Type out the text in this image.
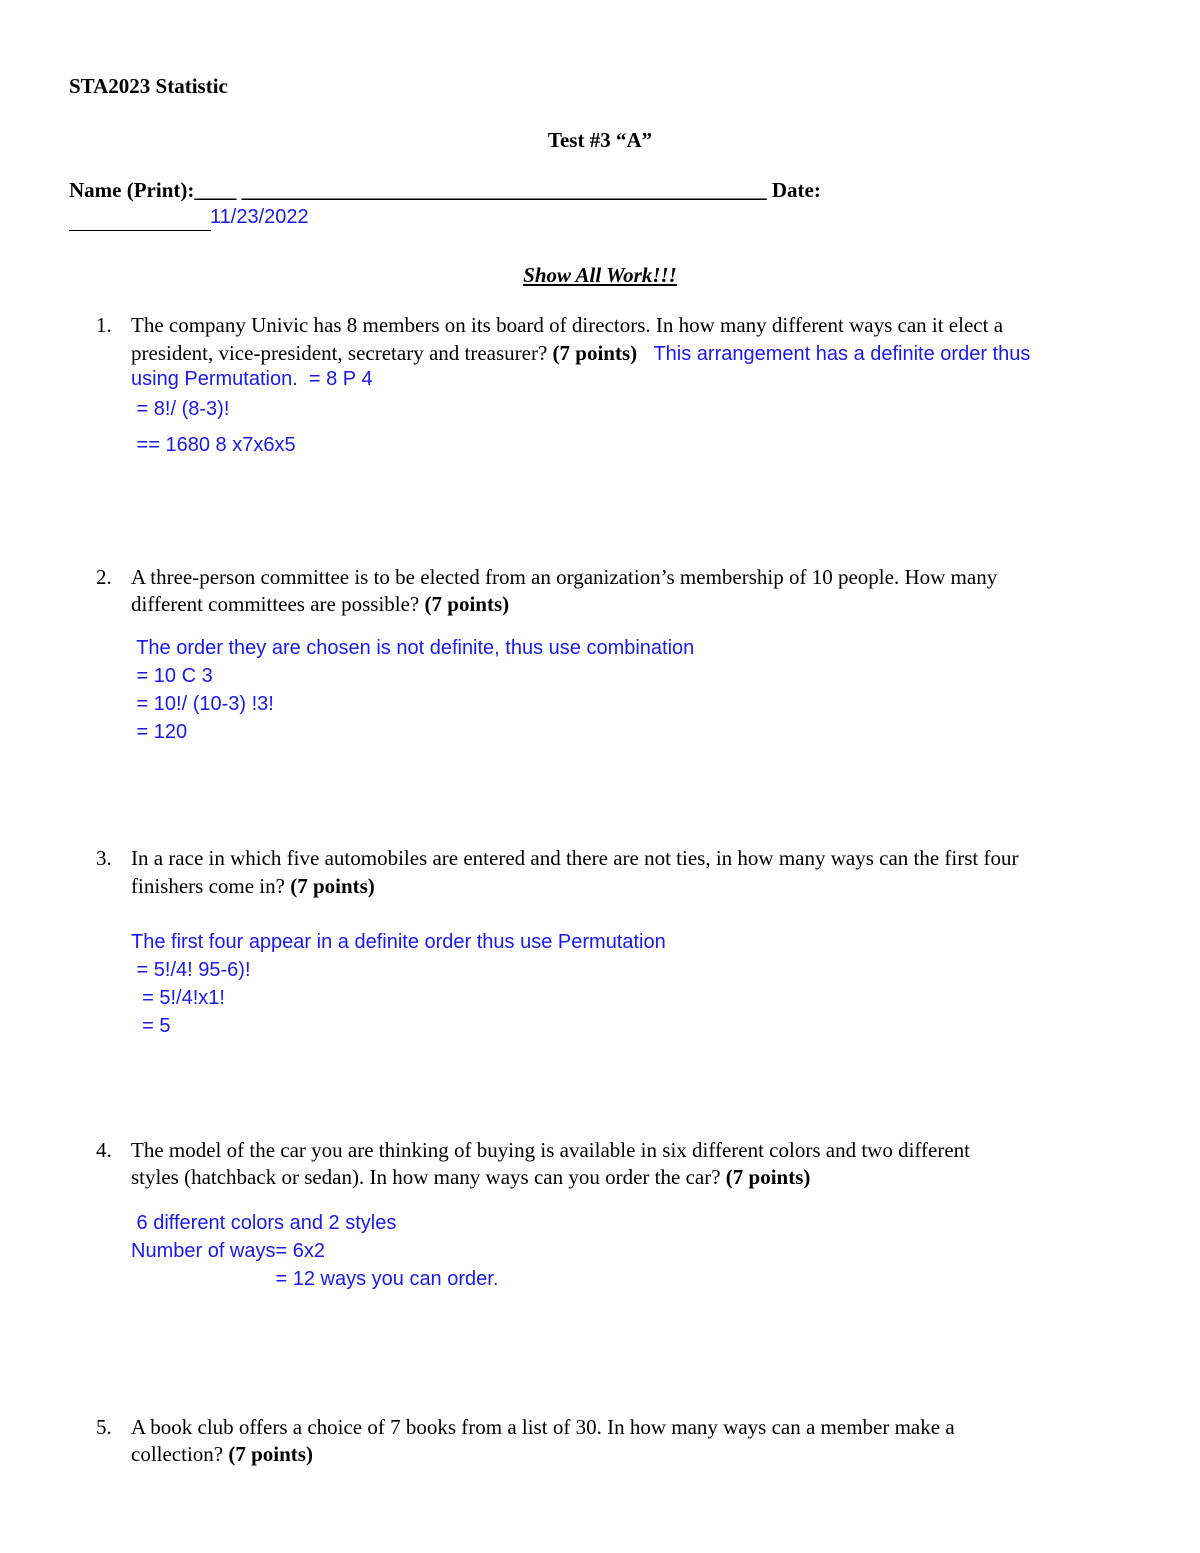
STA2023 Statistic
Test #3 “A”
Name (Print):____ __________________________________________________ Date:
11/23/2022
Show All Work!!!
1. The company Univic has 8 members on its board of directors. In how many different ways can it elect a
president, vice-president, secretary and treasurer? (7 points) This arrangement has a definite order thus
using Permutation.  = 8 P 4
= 8!/ (8-3)!
== 1680 8 x7x6x5
2. A three-person committee is to be elected from an organization’s membership of 10 people. How many
different committees are possible? (7 points)
The order they are chosen is not definite, thus use combination
= 10 C 3
= 10!/ (10-3) !3!
= 120
3. In a race in which five automobiles are entered and there are not ties, in how many ways can the first four
finishers come in? (7 points)
The first four appear in a definite order thus use Permutation
= 5!/4! 95-6)!
= 5!/4!x1!
= 5
4. The model of the car you are thinking of buying is available in six different colors and two different
styles (hatchback or sedan). In how many ways can you order the car? (7 points)
6 different colors and 2 styles
Number of ways= 6x2
= 12 ways you can order.
5. A book club offers a choice of 7 books from a list of 30. In how many ways can a member make a
collection? (7 points)
